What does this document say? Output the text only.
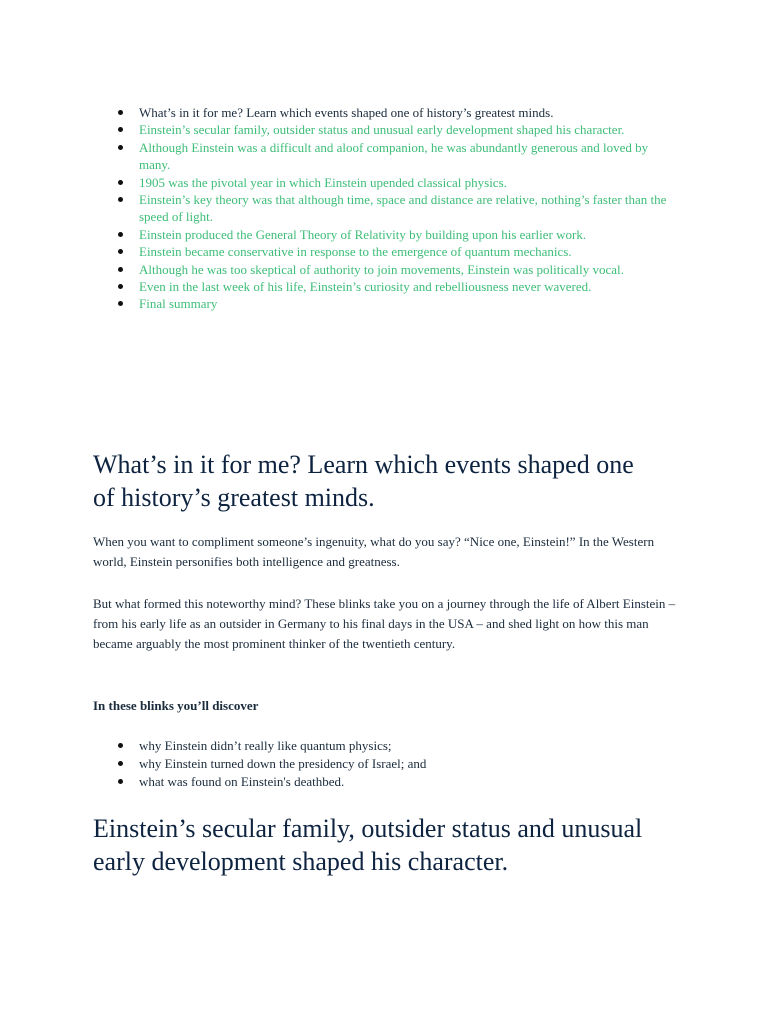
What’s in it for me? Learn which events shaped one of history’s greatest minds.
Einstein’s secular family, outsider status and unusual early development shaped his character.
Although Einstein was a difficult and aloof companion, he was abundantly generous and loved by many.
1905 was the pivotal year in which Einstein upended classical physics.
Einstein’s key theory was that although time, space and distance are relative, nothing’s faster than the speed of light.
Einstein produced the General Theory of Relativity by building upon his earlier work.
Einstein became conservative in response to the emergence of quantum mechanics.
Although he was too skeptical of authority to join movements, Einstein was politically vocal.
Even in the last week of his life, Einstein’s curiosity and rebelliousness never wavered.
Final summary
What’s in it for me? Learn which events shaped one of history’s greatest minds.

When you want to compliment someone’s ingenuity, what do you say? “Nice one, Einstein!” In the Western world, Einstein personifies both intelligence and greatness.

But what formed this noteworthy mind? These blinks take you on a journey through the life of Albert Einstein – from his early life as an outsider in Germany to his final days in the USA – and shed light on how this man became arguably the most prominent thinker of the twentieth century.

In these blinks you’ll discover

why Einstein didn’t really like quantum physics;
why Einstein turned down the presidency of Israel; and
what was found on Einstein's deathbed.
Einstein’s secular family, outsider status and unusual early development shaped his character.
